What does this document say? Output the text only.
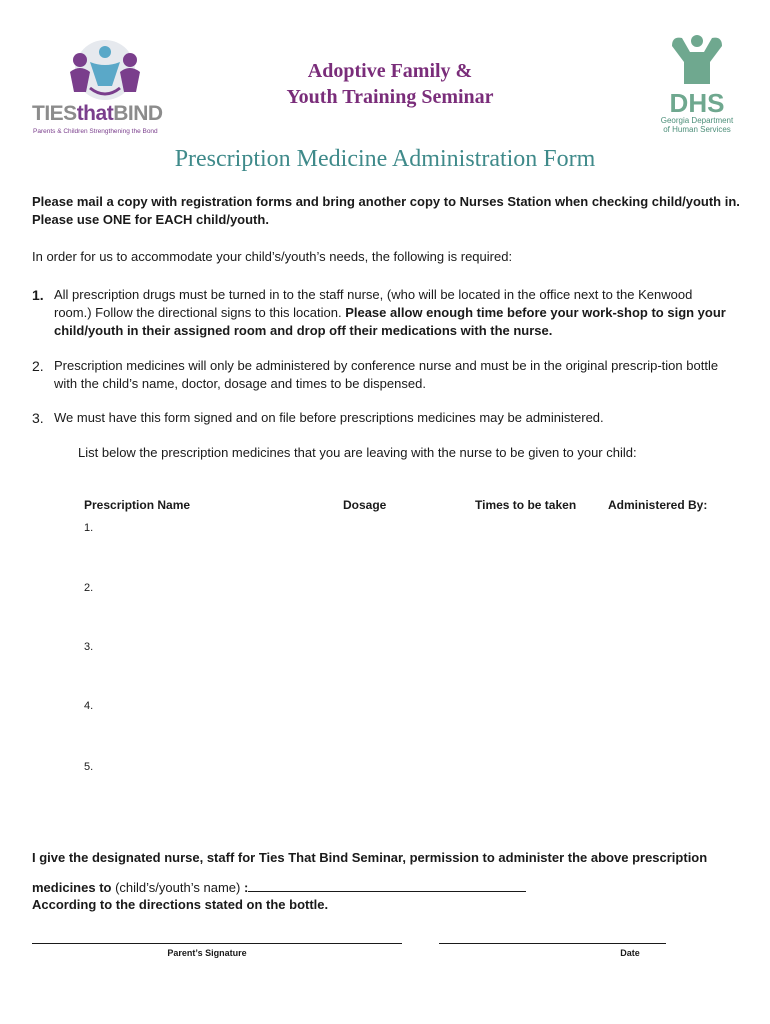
TIESthatBIND
Parents & Children Strengthening the Bond
Adoptive Family &
Youth Training Seminar	DHS
Georgia Department
of Human Services
Prescription Medicine Administration Form
Please mail a copy with registration forms and bring another copy to Nurses Station when checking child/youth in. Please use ONE for EACH child/youth.
In order for us to accommodate your child’s/youth’s needs, the following is required:
1. All prescription drugs must be turned in to the staff nurse, (who will be located in the office next to the Kenwood room.) Follow the directional signs to this location. Please allow enough time before your work-shop to sign your child/youth in their assigned room and drop off their medications with the nurse.
2. Prescription medicines will only be administered by conference nurse and must be in the original prescrip-tion bottle with the child’s name, doctor, dosage and times to be dispensed.
3. We must have this form signed and on file before prescriptions medicines may be administered.
List below the prescription medicines that you are leaving with the nurse to be given to your child:
Prescription Name	Dosage	Times to be taken	Administered By:
1.
2.
3.
4.
5.
I give the designated nurse, staff for Ties That Bind Seminar, permission to administer the above prescription
medicines to (child’s/youth’s name) :
According to the directions stated on the bottle.
Parent’s Signature	Date
